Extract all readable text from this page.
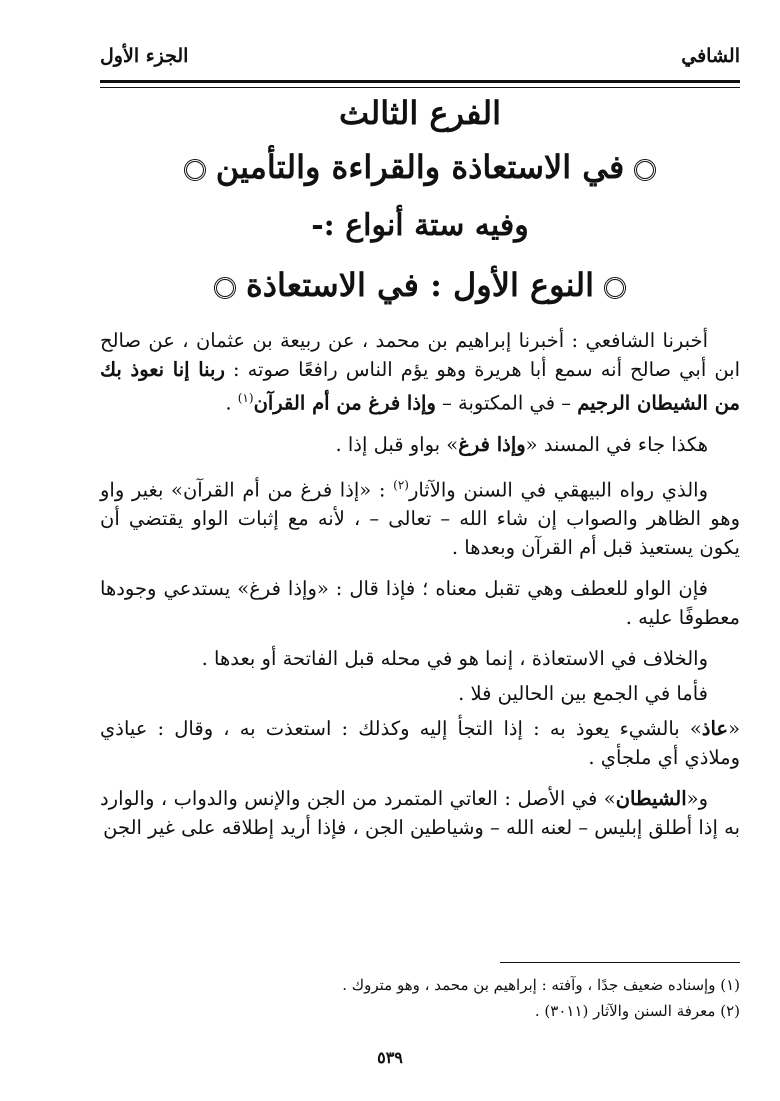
الشافي
الجزء الأول
الفرع الثالث
في الاستعاذة والقراءة والتأمين
وفيه ستة أنواع :-
النوع الأول : في الاستعاذة

أخبرنا الشافعي : أخبرنا إبراهيم بن محمد ، عن ربيعة بن عثمان ، عن صالح ابن أبي صالح أنه سمع أبا هريرة وهو يؤم الناس رافعًا صوته : ربنا إنا نعوذ بك من الشيطان الرجيم – في المكتوبة – وإذا فرغ من أم القرآن$^{(١)}$ .

هكذا جاء في المسند «وإذا فرغ» بواو قبل إذا .

والذي رواه البيهقي في السنن والآثار$^{(٢)}$ : «إذا فرغ من أم القرآن» بغير واو وهو الظاهر والصواب إن شاء الله – تعالى – ، لأنه مع إثبات الواو يقتضي أن يكون يستعيذ قبل أم القرآن وبعدها .

فإن الواو للعطف وهي تقبل معناه ؛ فإذا قال : «وإذا فرغ» يستدعي وجودها معطوفًا عليه .

والخلاف في الاستعاذة ، إنما هو في محله قبل الفاتحة أو بعدها .

فأما في الجمع بين الحالين فلا .

«عاذ» بالشيء يعوذ به : إذا التجأ إليه وكذلك : استعذت به ، وقال : عياذي وملاذي أي ملجأي .

و«الشيطان» في الأصل : العاتي المتمرد من الجن والإنس والدواب ، والوارد به إذا أطلق إبليس – لعنه الله – وشياطين الجن ، فإذا أريد إطلاقه على غير الجن

(١) وإسناده ضعيف جدًا ، وآفته : إبراهيم بن محمد ، وهو متروك .

(٢) معرفة السنن والآثار (٣٠١١) .

٥٣٩
